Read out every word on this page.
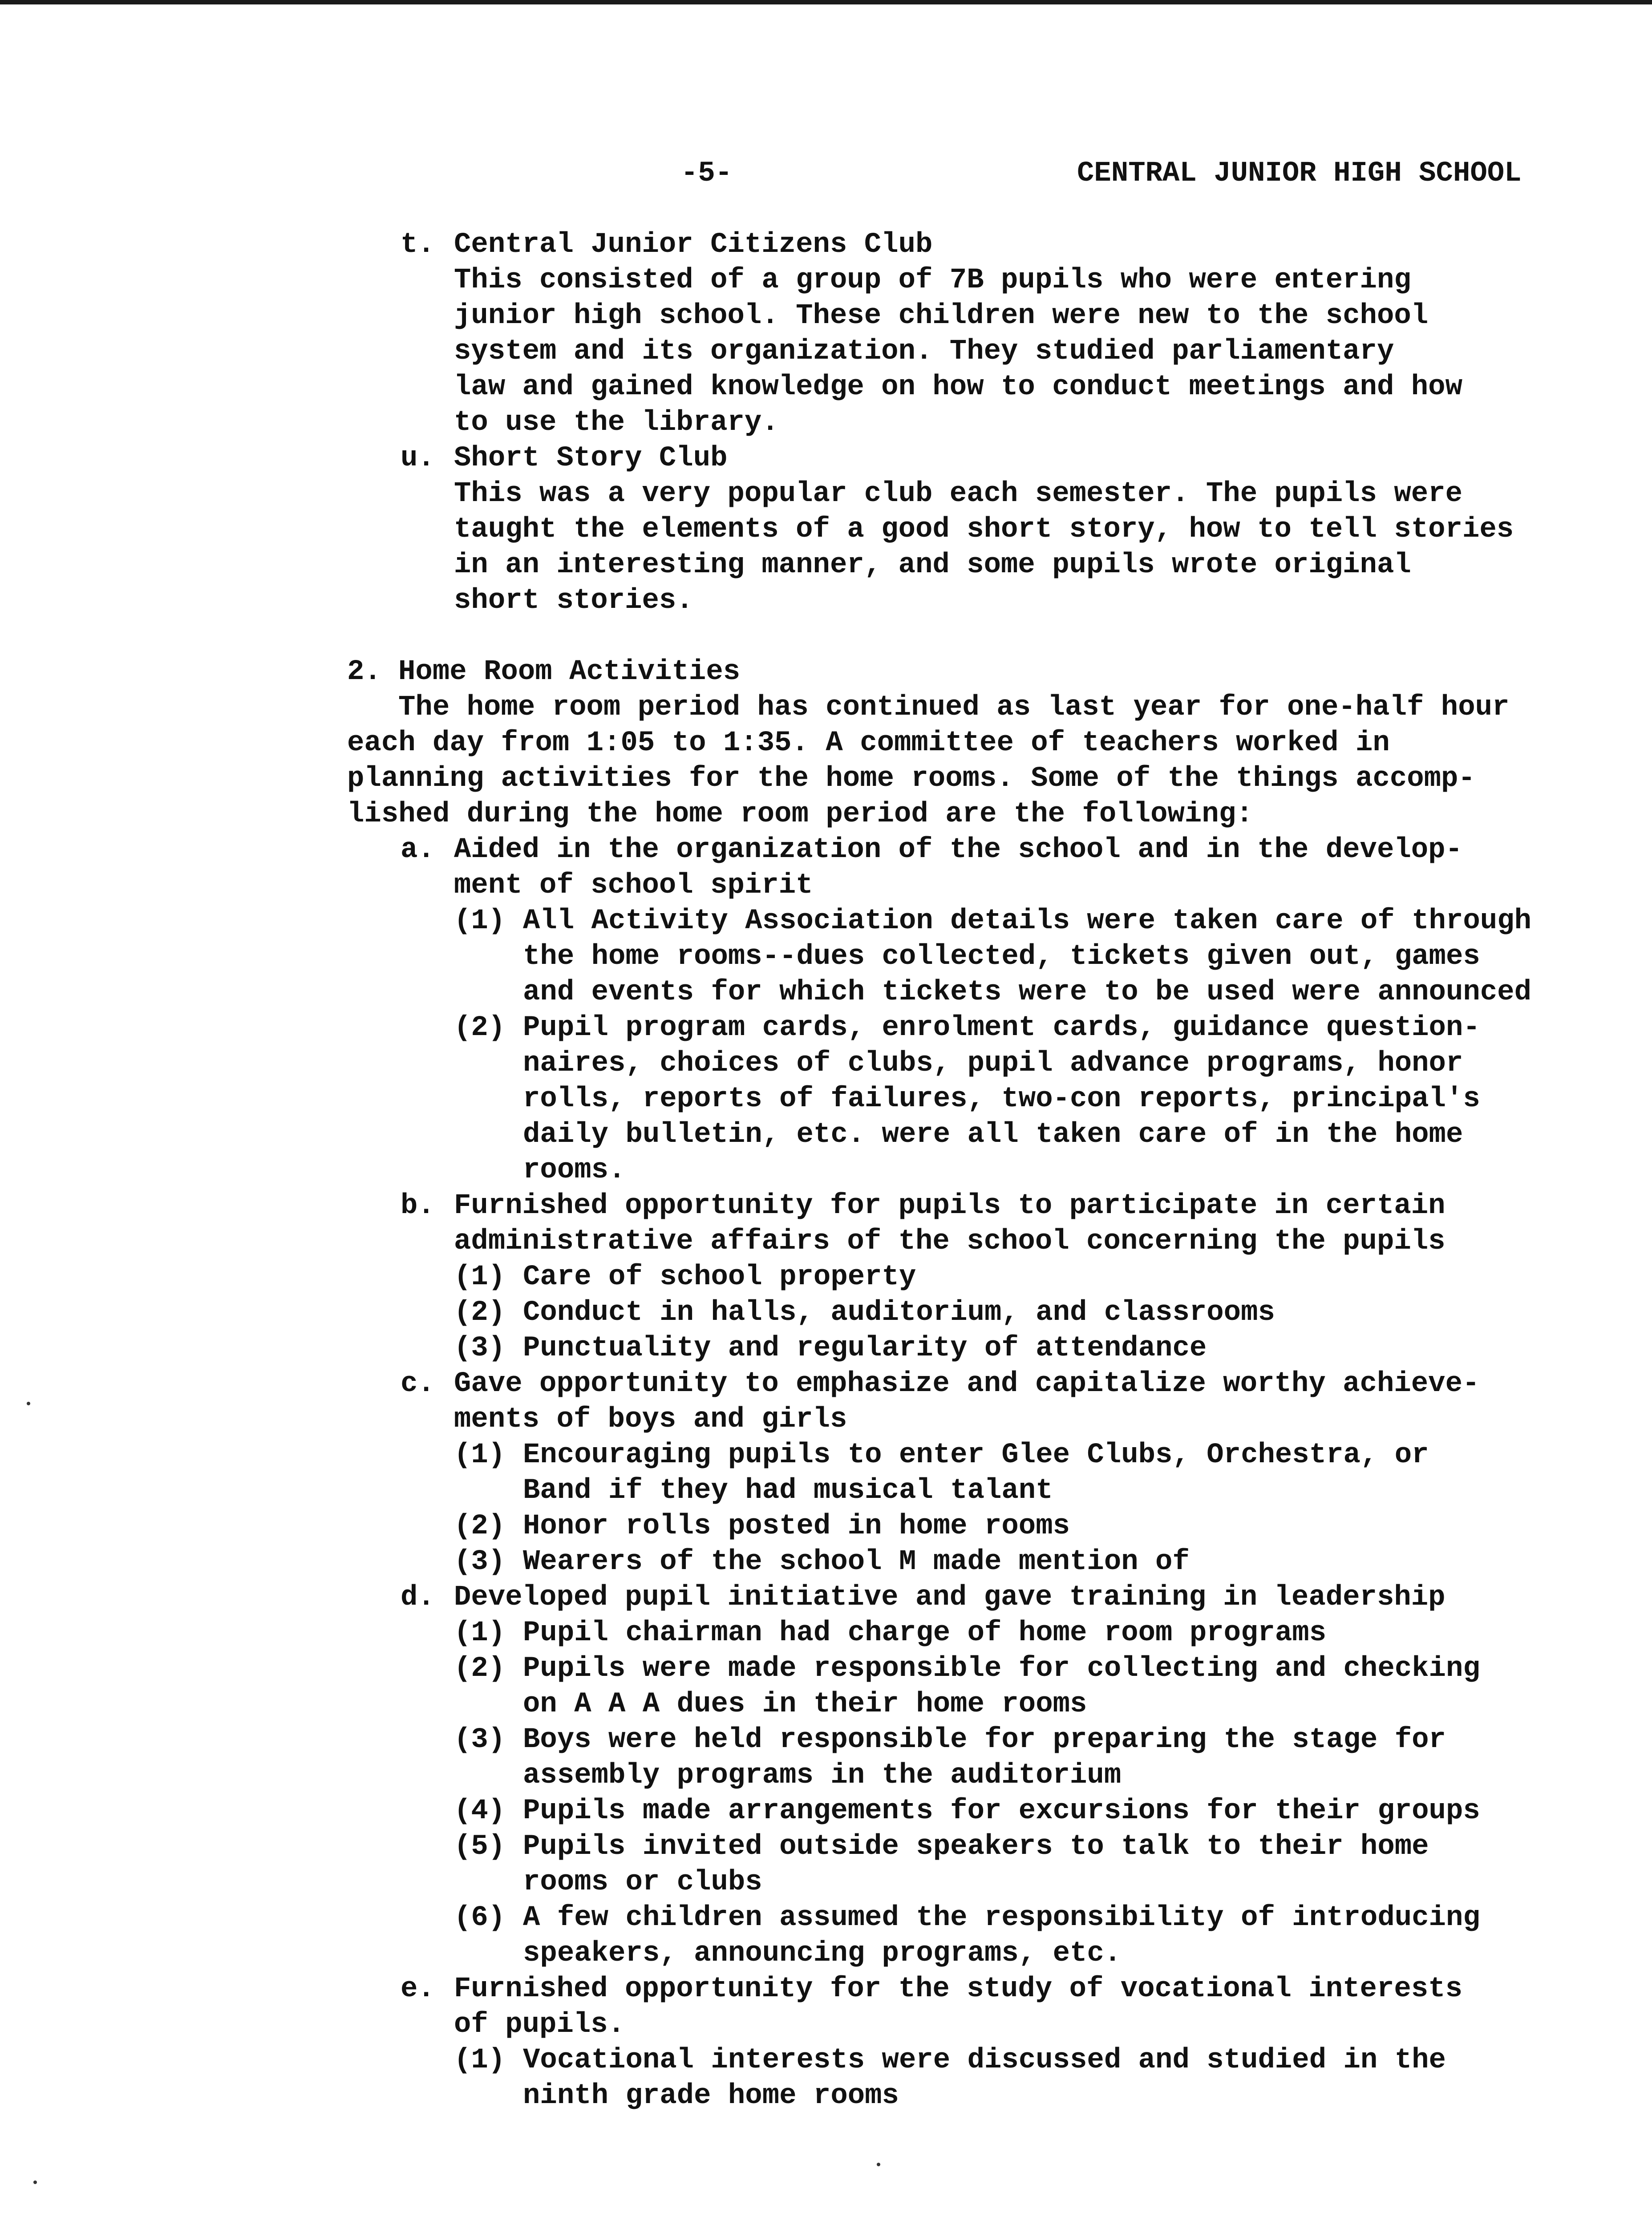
-5-	CENTRAL JUNIOR HIGH SCHOOL
t. Central Junior Citizens Club
This consisted of a group of 7B pupils who were entering
junior high school. These children were new to the school
system and its organization. They studied parliamentary
law and gained knowledge on how to conduct meetings and how
to use the library.
u. Short Story Club
This was a very popular club each semester. The pupils were
taught the elements of a good short story, how to tell stories
in an interesting manner, and some pupils wrote original
short stories.
2. Home Room Activities
The home room period has continued as last year for one-half hour
each day from 1:05 to 1:35. A committee of teachers worked in
planning activities for the home rooms. Some of the things accomp-
lished during the home room period are the following:
a. Aided in the organization of the school and in the develop-
ment of school spirit
(1) All Activity Association details were taken care of through
the home rooms--dues collected, tickets given out, games
and events for which tickets were to be used were announced
(2) Pupil program cards, enrolment cards, guidance question-
naires, choices of clubs, pupil advance programs, honor
rolls, reports of failures, two-con reports, principal's
daily bulletin, etc. were all taken care of in the home
rooms.
b. Furnished opportunity for pupils to participate in certain
administrative affairs of the school concerning the pupils
(1) Care of school property
(2) Conduct in halls, auditorium, and classrooms
(3) Punctuality and regularity of attendance
c. Gave opportunity to emphasize and capitalize worthy achieve-
ments of boys and girls
(1) Encouraging pupils to enter Glee Clubs, Orchestra, or
Band if they had musical talant
(2) Honor rolls posted in home rooms
(3) Wearers of the school M made mention of
d. Developed pupil initiative and gave training in leadership
(1) Pupil chairman had charge of home room programs
(2) Pupils were made responsible for collecting and checking
on A A A dues in their home rooms
(3) Boys were held responsible for preparing the stage for
assembly programs in the auditorium
(4) Pupils made arrangements for excursions for their groups
(5) Pupils invited outside speakers to talk to their home
rooms or clubs
(6) A few children assumed the responsibility of introducing
speakers, announcing programs, etc.
e. Furnished opportunity for the study of vocational interests
of pupils.
(1) Vocational interests were discussed and studied in the
ninth grade home rooms
